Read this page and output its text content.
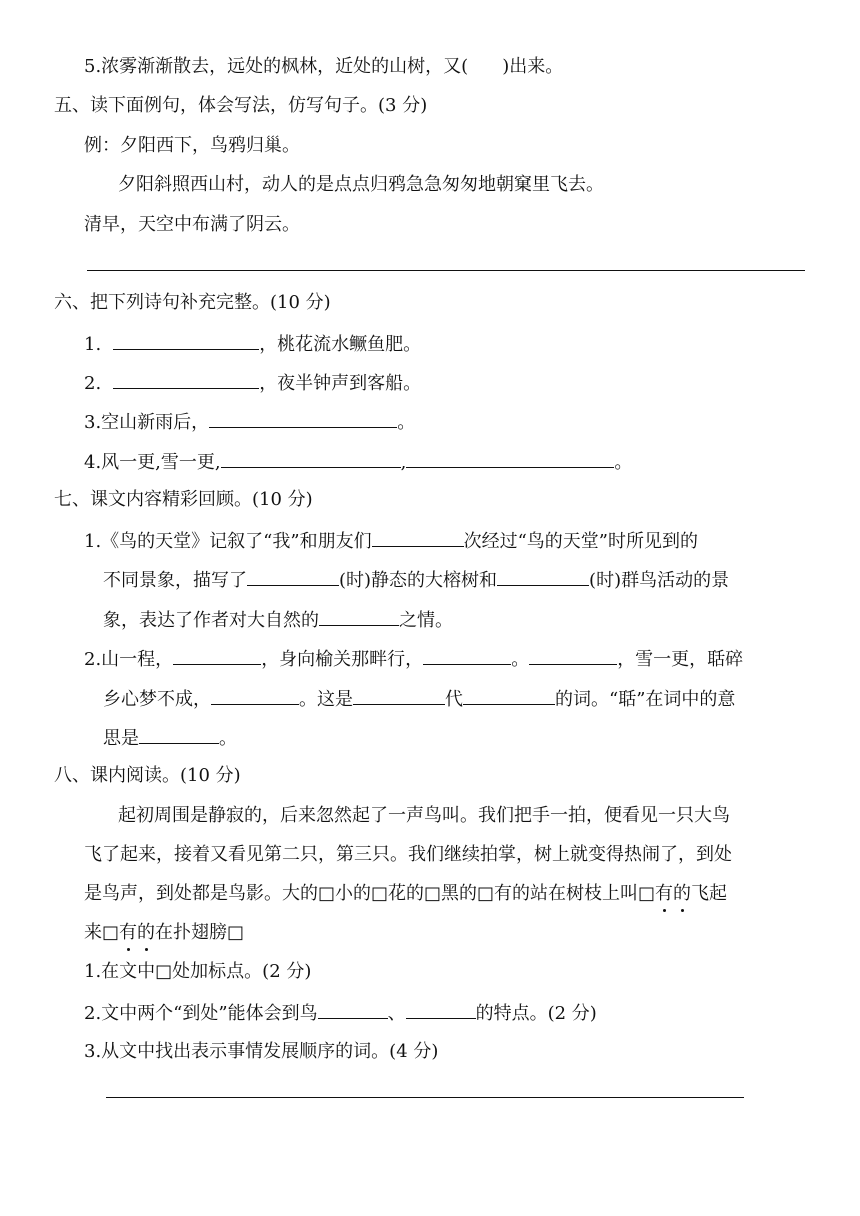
5.浓雾渐渐散去，远处的枫林，近处的山树，又( )出来。
五、读下面例句，体会写法，仿写句子。(3 分)
例：夕阳西下，鸟鸦归巢。
夕阳斜照西山村，动人的是点点归鸦急急匆匆地朝窠里飞去。
清早，天空中布满了阴云。
六、把下列诗句补充完整。(10 分)
1.	，桃花流水鳜鱼肥。
2.	，夜半钟声到客船。
3.空山新雨后，	。
4.风一更,雪一更,	,	。
七、课文内容精彩回顾。(10 分)
1.《鸟的天堂》记叙了“我”和朋友们	次经过“鸟的天堂”时所见到的
不同景象，描写了	(时)静态的大榕树和	(时)群鸟活动的景
象，表达了作者对大自然的	之情。
2.山一程，	，身向榆关那畔行，	。	，雪一更，聒碎
乡心梦不成，	。这是	代	的词。“聒”在词中的意
思是	。
八、课内阅读。(10 分)
起初周围是静寂的，后来忽然起了一声鸟叫。我们把手一拍，便看见一只大鸟
飞了起来，接着又看见第二只，第三只。我们继续拍掌，树上就变得热闹了，到处
是鸟声，到处都是鸟影。大的□小的□花的□黑的□有的站在树枝上叫□有的飞起
来□有的在扑翅膀□
1.在文中□处加标点。(2 分)
2.文中两个“到处”能体会到鸟	、	的特点。(2 分)
3.从文中找出表示事情发展顺序的词。(4 分)
